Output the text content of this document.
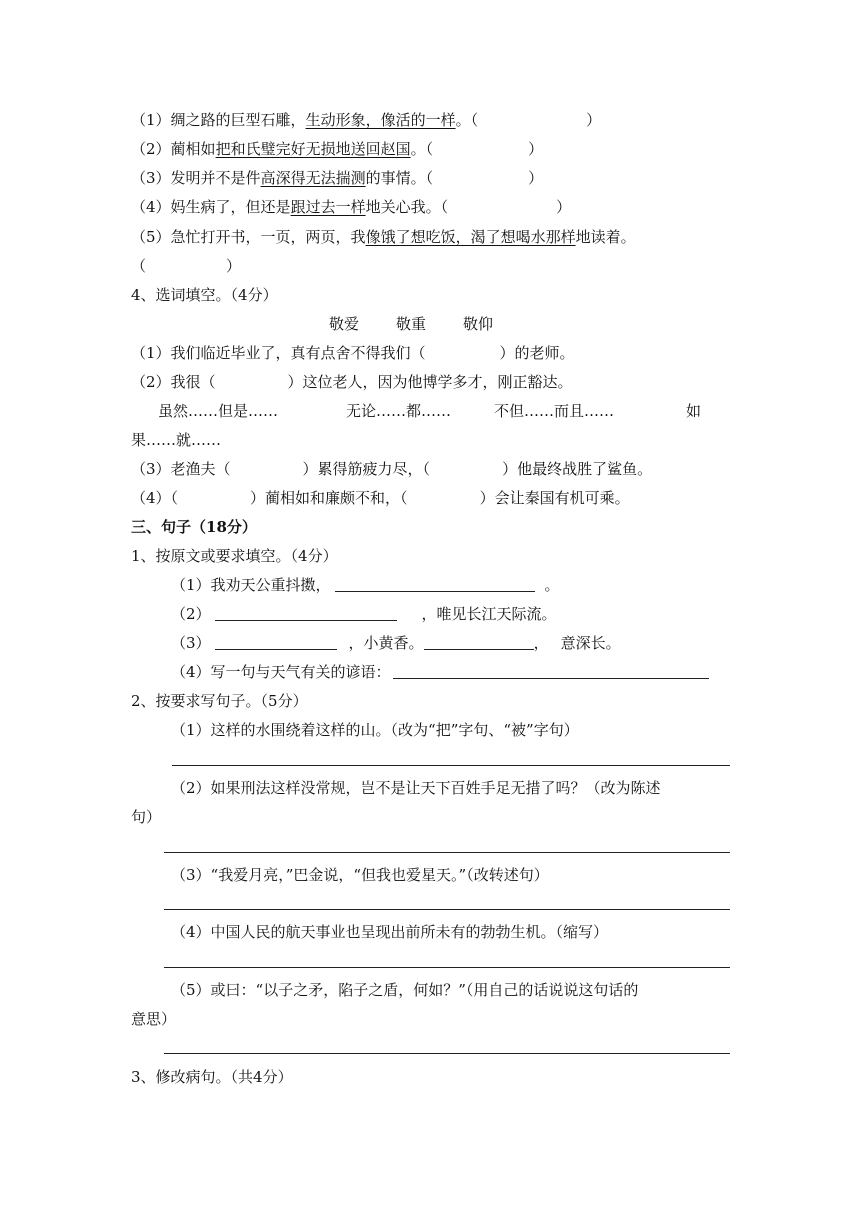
（1）绸之路的巨型石雕，生动形象，像活的一样。（	）
（2）蔺相如把和氏璧完好无损地送回赵国。（	）
（3）发明并不是件高深得无法揣测的事情。（	）
（4）妈生病了，但还是跟过去一样地关心我。（	）
（5）急忙打开书，一页，两页，我像饿了想吃饭，渴了想喝水那样地读着。
（	）
4、选词填空。（4分）
敬爱 敬重 敬仰
（1）我们临近毕业了，真有点舍不得我们（	）的老师。
（2）我很（	）这位老人，因为他博学多才，刚正豁达。
虽然……但是……	无论……都……	不但……而且……	如
果……就……
（3）老渔夫（	）累得筋疲力尽，（	）他最终战胜了鲨鱼。
（4）（	）蔺相如和廉颇不和，（	）会让秦国有机可乘。
三、句子（18分）
1、按原文或要求填空。（4分）
（1）我劝天公重抖擞，	。
（2）	，唯见长江天际流。
（3）	，小黄香。	， 意深长。
（4）写一句与天气有关的谚语：
2、按要求写句子。（5分）
（1）这样的水围绕着这样的山。（改为“把”字句、“被”字句）
（2）如果刑法这样没常规，岂不是让天下百姓手足无措了吗？（改为陈述
句）
（3）“我爱月亮，”巴金说，“但我也爱星天。”（改转述句）
（4）中国人民的航天事业也呈现出前所未有的勃勃生机。（缩写）
（5）或曰：“以子之矛，陷子之盾，何如？”（用自己的话说说这句话的
意思）
3、修改病句。（共4分）
